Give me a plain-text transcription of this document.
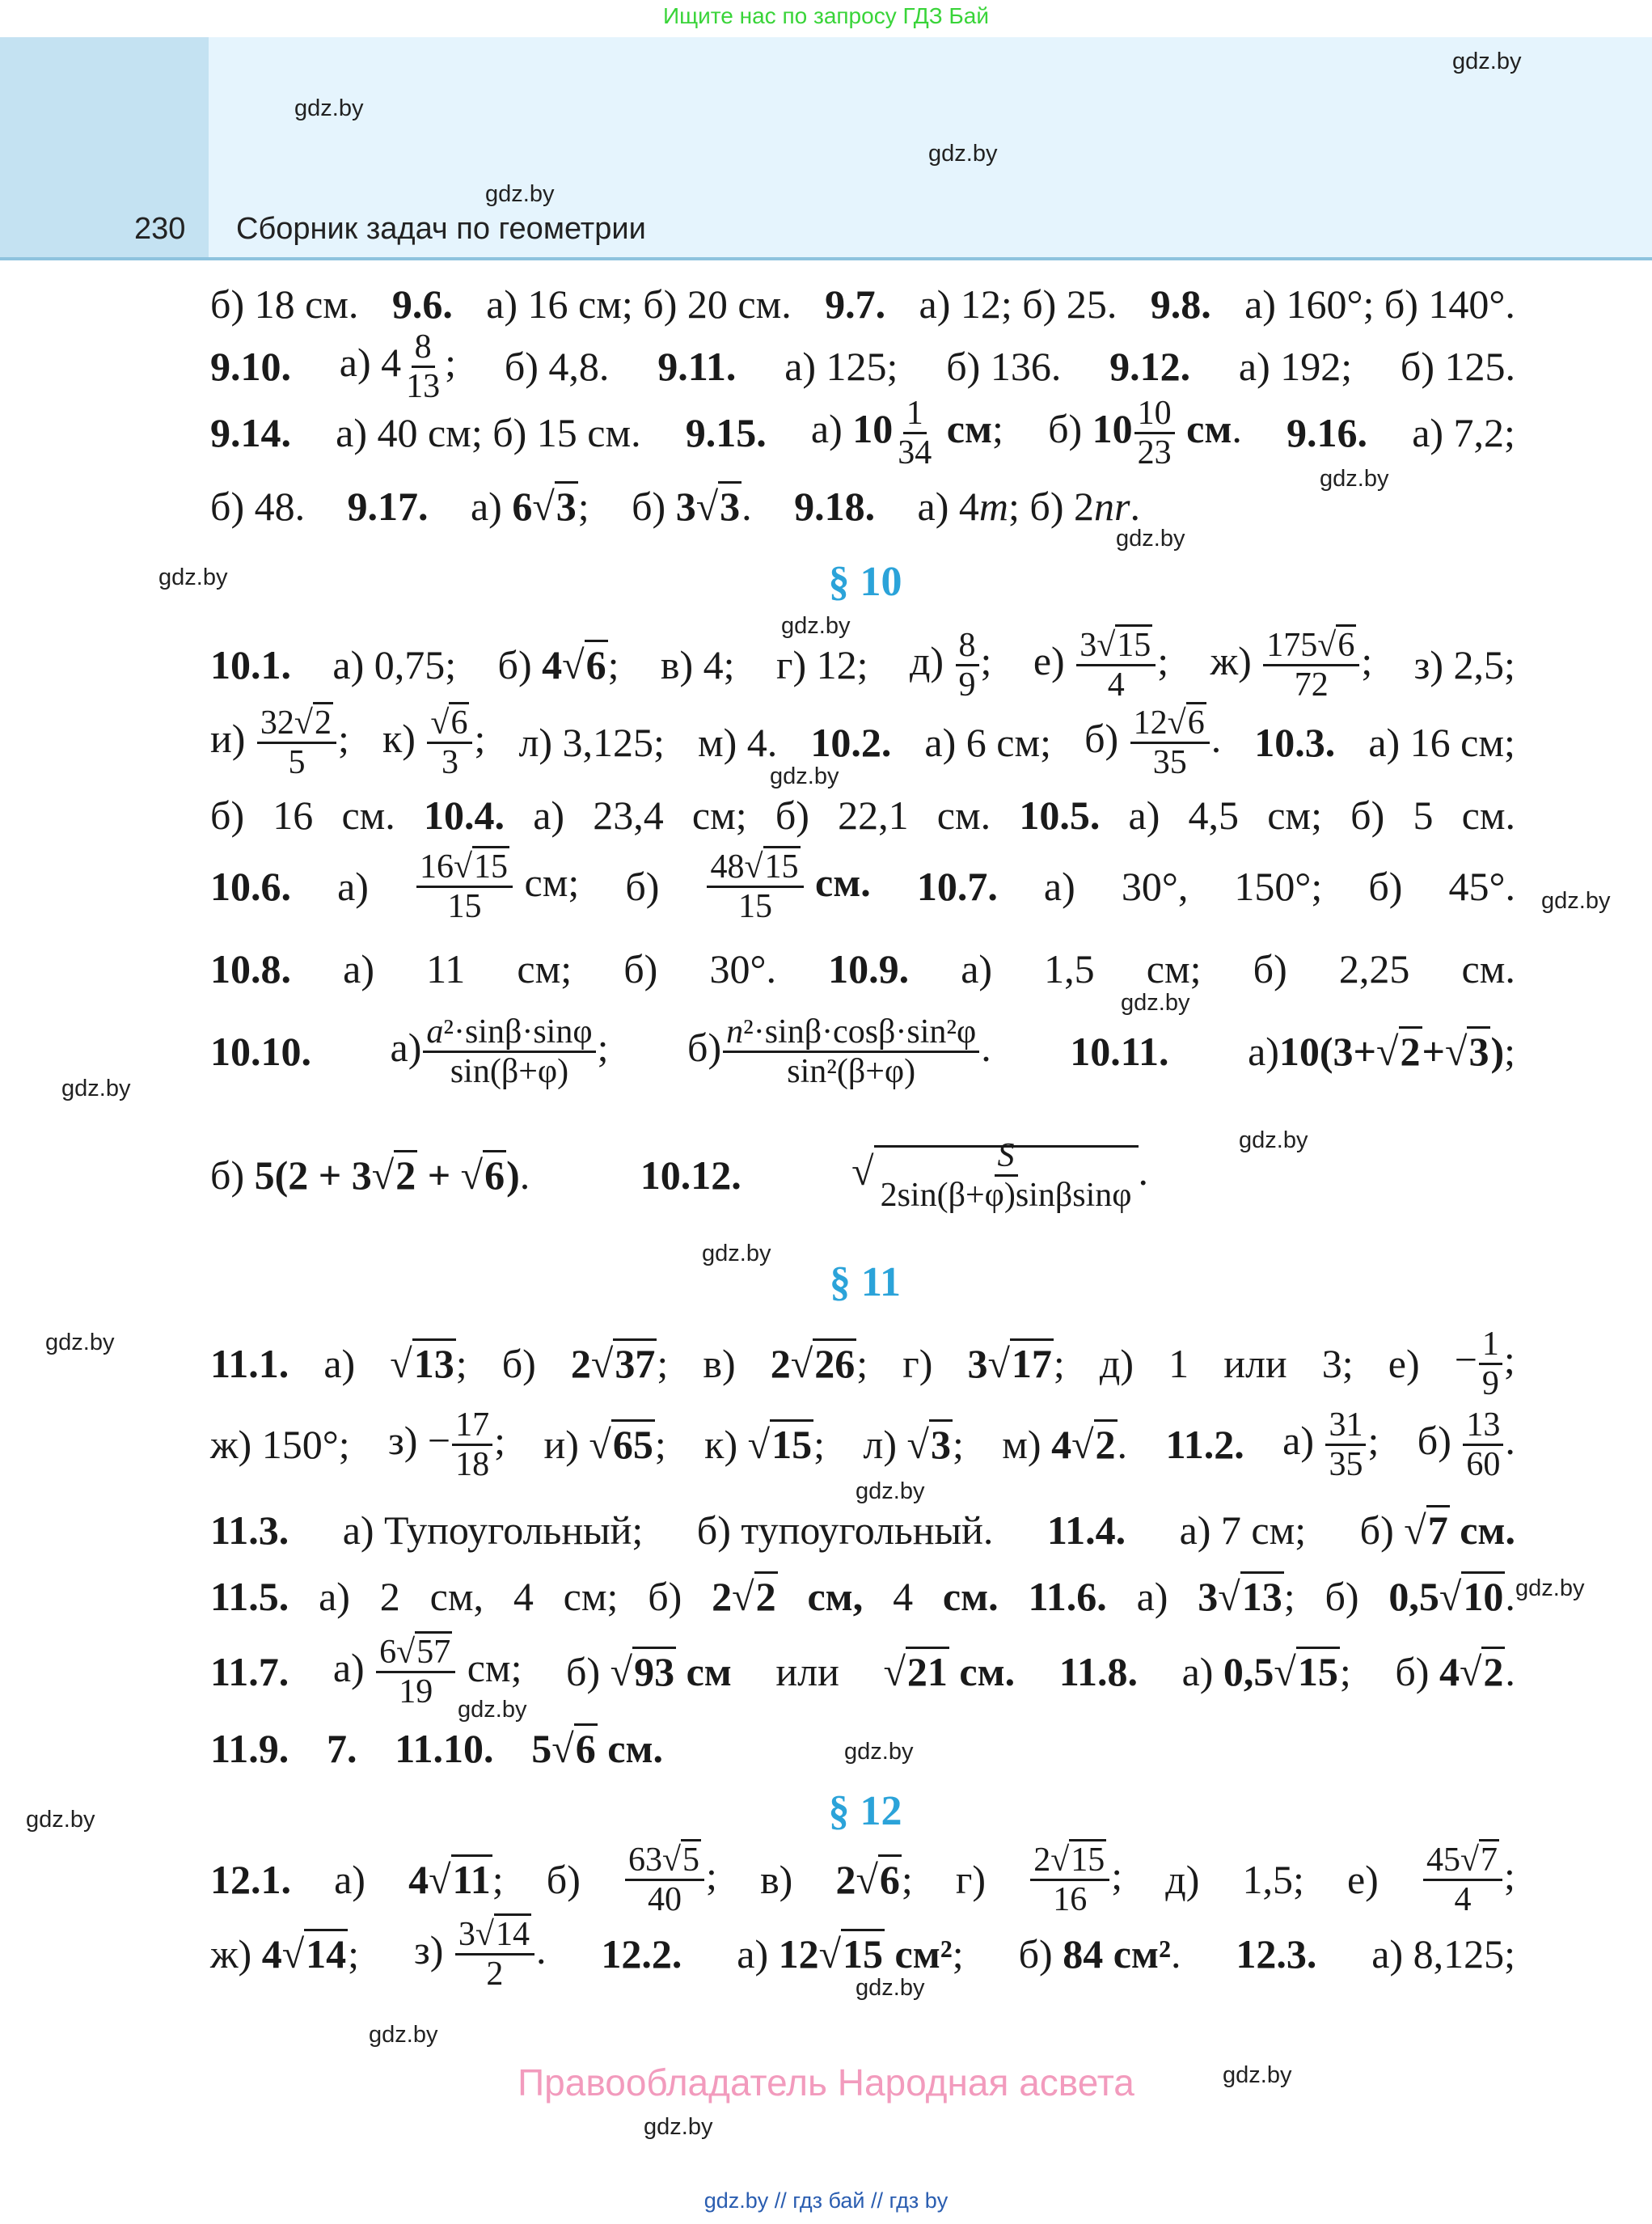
Ищите нас по запросу ГДЗ Бай
230 Сборник задач по геометрии
gdz.by
gdz.by
gdz.by
gdz.by
gdz.by
gdz.by
gdz.by
gdz.by
gdz.by
gdz.by
gdz.by
gdz.by
gdz.by
gdz.by
gdz.by
gdz.by
gdz.by
gdz.by
gdz.by
gdz.by
gdz.by
gdz.by
gdz.by
gdz.by
б) 18 см. 9.6. а) 16 см; б) 20 см. 9.7. а) 12; б) 25. 9.8. а) 160°; б) 140°.
9.10. а) $4 \frac{8}{13}$ ; б) 4,8. 9.11. а) 125; б) 136. 9.12. а) 192; б) 125.
9.14. а) 40 см; б) 15 см. 9.15. а) $10 \frac{1}{34}$ см; б) $10 \frac{10}{23}$ см. 9.16. а) 7,2;
б) 48. 9.17. а) 6√3; б) 3√3. 9.18. а) 4m; б) 2nr.
§ 10
10.1. а) 0,75; б) 4√6; в) 4; г) 12; $д) \frac{8}{9}$ ; $е) \frac{3√15}{4}$ ; $ж) \frac{175√6}{72}$ ; з) 2,5;
$и) \frac{32√2}{5}$ ; $к) \frac{√6}{3}$ ; л) 3,125; м) 4. 10.2. а) 6 см; $б) \frac{12√6}{35}$ . 10.3. а) 16 см;
б) 16 см. 10.4. а) 23,4 см; б) 22,1 см. 10.5. а) 4,5 см; б) 5 см.
10.6. $а) \frac{16√15}{15}$ см; $б) \frac{48√15}{15}$ см. 10.7. а) 30°, 150°; б) 45°.
10.8. а) 11 см; б) 30°. 10.9. а) 1,5 см; б) 2,25 см.
10.10. $а) \frac{\text{a²·sinβ·sinφ}}{\sin(\beta+\varphi)}$ ; $б) \frac{\text{n²·sinβ·cosβ·sin²φ}}{\text{sin²(β+φ)}}$ . 10.11. а)10(3+√2+√3);
б) 5(2 + 3√2 + √6).	10.12.	√ $\frac{S}{2\sin(\beta+\varphi)\sin\beta\sin\varphi}$ .
§ 11
11.1. а) √13; б) 2√37; в) 2√26; г) 3√17; д) 1 или 3; $е) - \frac{1}{9}$ ;
ж) 150°; $з) - \frac{17}{18}$ ; и) √65; к) √15; л) √3; м) 4√2. 11.2. $а) \frac{31}{35}$ ; $б) \frac{13}{60}$ .
11.3. а) Тупоугольный; б) тупоугольный. 11.4. а) 7 см; б) √7 см.
11.5. а) 2 см, 4 см; б) 2√2 см, 4 см. 11.6. а) 3√13; б) 0,5√10.
11.7. $а) \frac{6√57}{19}$ см; б) √93 см или √21 см. 11.8. а) 0,5√15; б) 4√2.
11.9. 7. 11.10. 5√6 см.
§ 12
12.1. а) 4√11; $б) \frac{63√5}{40}$ ; в) 2√6; $г) \frac{2√15}{16}$ ; д) 1,5; $е) \frac{45√7}{4}$ ;
ж) 4√14; $з) \frac{3√14}{2}$ . 12.2. а) 12√15 см²; б) 84 см². 12.3. а) 8,125;
Правообладатель Народная асвета
gdz.by // гдз бай // гдз by
